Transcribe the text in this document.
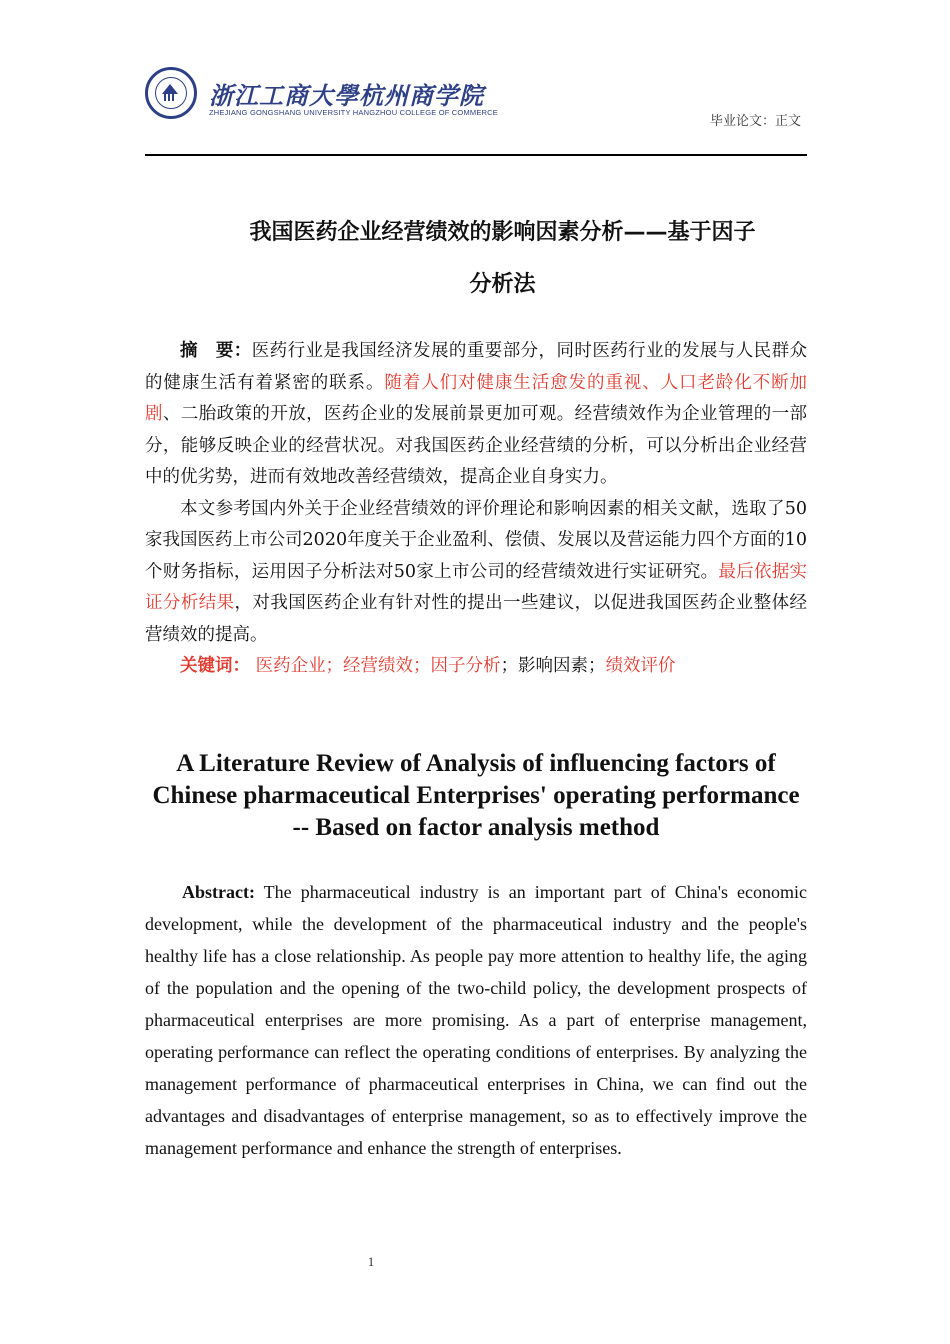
浙江工商大學杭州商学院
ZHEJIANG GONGSHANG UNIVERSITY HANGZHOU COLLEGE OF COMMERCE
毕业论文：正文
我国医药企业经营绩效的影响因素分析——基于因子
分析法

摘　要：医药行业是我国经济发展的重要部分，同时医药行业的发展与人民群众的健康生活有着紧密的联系。随着人们对健康生活愈发的重视、人口老龄化不断加剧、二胎政策的开放，医药企业的发展前景更加可观。经营绩效作为企业管理的一部分，能够反映企业的经营状况。对我国医药企业经营绩的分析，可以分析出企业经营中的优劣势，进而有效地改善经营绩效，提高企业自身实力。

本文参考国内外关于企业经营绩效的评价理论和影响因素的相关文献，选取了50家我国医药上市公司2020年度关于企业盈利、偿债、发展以及营运能力四个方面的10个财务指标，运用因子分析法对50家上市公司的经营绩效进行实证研究。最后依据实证分析结果，对我国医药企业有针对性的提出一些建议，以促进我国医药企业整体经营绩效的提高。

关键词： 医药企业；经营绩效；因子分析；影响因素；绩效评价

A Literature Review of Analysis of influencing factors of
Chinese pharmaceutical Enterprises' operating performance
-- Based on factor analysis method

Abstract: The pharmaceutical industry is an important part of China's economic development, while the development of the pharmaceutical industry and the people's healthy life has a close relationship. As people pay more attention to healthy life, the aging of the population and the opening of the two-child policy, the development prospects of pharmaceutical enterprises are more promising. As a part of enterprise management, operating performance can reflect the operating conditions of enterprises. By analyzing the management performance of pharmaceutical enterprises in China, we can find out the advantages and disadvantages of enterprise management, so as to effectively improve the management performance and enhance the strength of enterprises.

1
